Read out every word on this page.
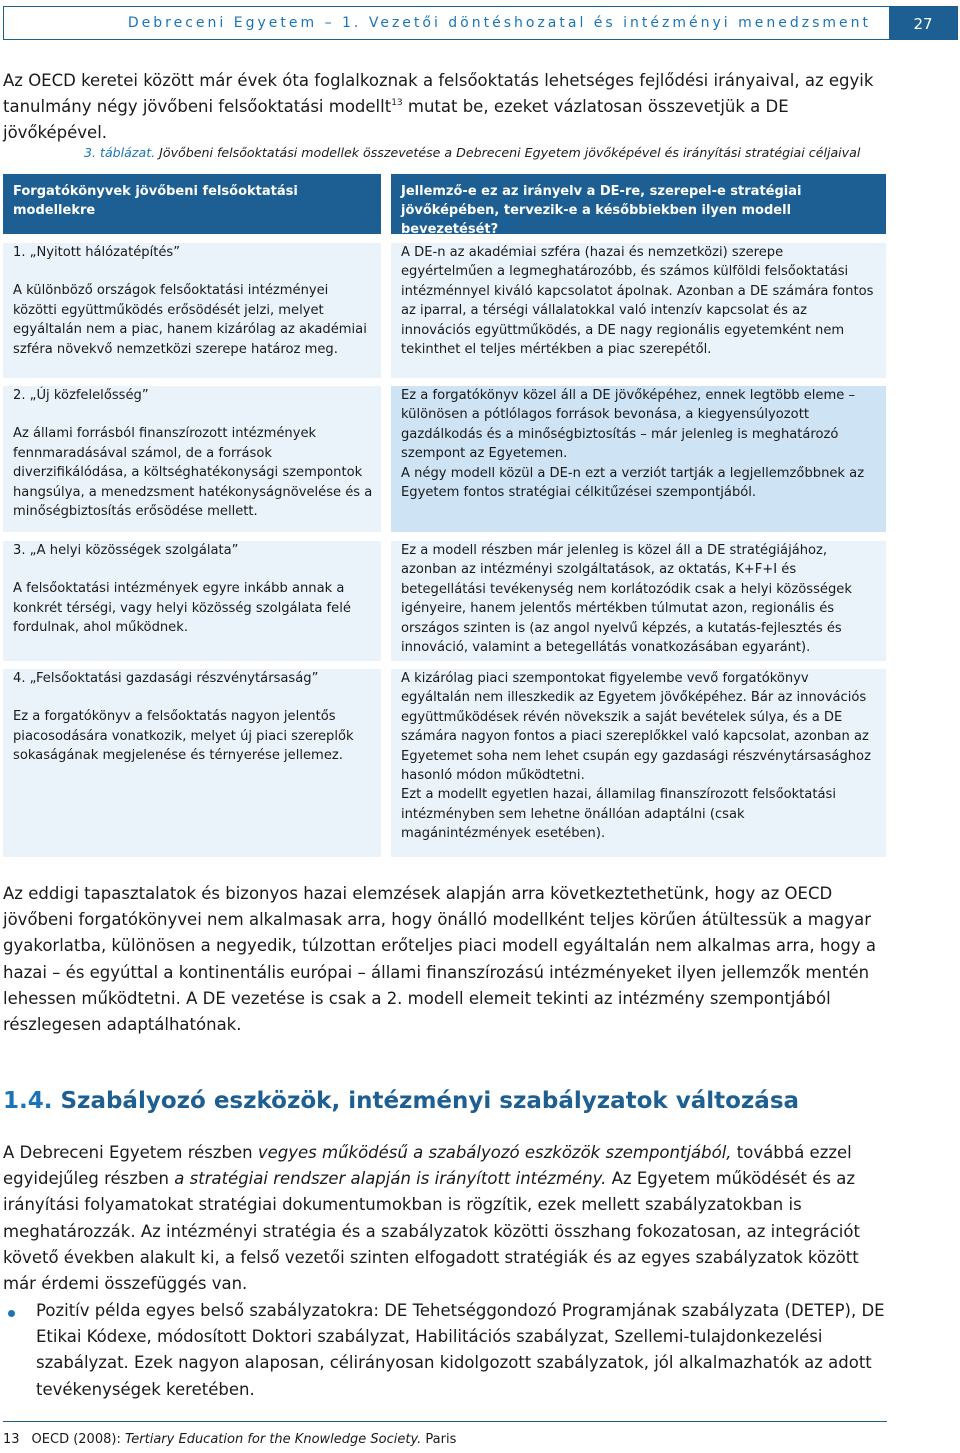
Debreceni Egyetem – 1. Vezetői döntéshozatal és intézményi menedzsment	27
Az OECD keretei között már évek óta foglalkoznak a felsőoktatás lehetséges fejlődési irányaival, az egyik tanulmány négy jövőbeni felsőoktatási modellt$^{13}$ mutat be, ezeket vázlatosan összevetjük a DE jövőképével.
3. táblázat. Jövőbeni felsőoktatási modellek összevetése a Debreceni Egyetem jövőképével és irányítási stratégiai céljaival
Forgatókönyvek jövőbeni felsőoktatási modellekre
Jellemző-e ez az irányelv a DE-re, szerepel-e stratégiai jövőképében, tervezik-e a későbbiekben ilyen modell bevezetését?
1. „Nyitott hálózatépítés”
A különböző országok felsőoktatási intézményei közötti együttműködés erősödését jelzi, melyet egyáltalán nem a piac, hanem kizárólag az akadémiai szféra növekvő nemzetközi szerepe határoz meg.
A DE-n az akadémiai szféra (hazai és nemzetközi) szerepe egyértelműen a legmeghatározóbb, és számos külföldi felsőoktatási intézménnyel kiváló kapcsolatot ápolnak. Azonban a DE számára fontos az iparral, a térségi vállalatokkal való intenzív kapcsolat és az innovációs együttműködés, a DE nagy regionális egyetemként nem tekinthet el teljes mértékben a piac szerepétől.
2. „Új közfelelősség”
Az állami forrásból finanszírozott intézmények fennmaradásával számol, de a források diverzifikálódása, a költséghatékonysági szempontok hangsúlya, a menedzsment hatékonyságnövelése és a minőségbiztosítás erősödése mellett.
Ez a forgatókönyv közel áll a DE jövőképéhez, ennek legtöbb eleme – különösen a pótlólagos források bevonása, a kiegyensúlyozott gazdálkodás és a minőségbiztosítás – már jelenleg is meghatározó szempont az Egyetemen.
A négy modell közül a DE-n ezt a verziót tartják a legjellemzőbbnek az Egyetem fontos stratégiai célkitűzései szempontjából.
3. „A helyi közösségek szolgálata”
A felsőoktatási intézmények egyre inkább annak a konkrét térségi, vagy helyi közösség szolgálata felé fordulnak, ahol működnek.
Ez a modell részben már jelenleg is közel áll a DE stratégiájához, azonban az intézményi szolgáltatások, az oktatás, K+F+I és betegellátási tevékenység nem korlátozódik csak a helyi közösségek igényeire, hanem jelentős mértékben túlmutat azon, regionális és országos szinten is (az angol nyelvű képzés, a kutatás-fejlesztés és innováció, valamint a betegellátás vonatkozásában egyaránt).
4. „Felsőoktatási gazdasági részvénytársaság”
Ez a forgatókönyv a felsőoktatás nagyon jelentős piacosodására vonatkozik, melyet új piaci szereplők sokaságának megjelenése és térnyerése jellemez.
A kizárólag piaci szempontokat figyelembe vevő forgatókönyv egyáltalán nem illeszkedik az Egyetem jövőképéhez. Bár az innovációs együttműködések révén növekszik a saját bevételek súlya, és a DE számára nagyon fontos a piaci szereplőkkel való kapcsolat, azonban az Egyetemet soha nem lehet csupán egy gazdasági részvénytársasághoz hasonló módon működtetni.
Ezt a modellt egyetlen hazai, államilag finanszírozott felsőoktatási intézményben sem lehetne önállóan adaptálni (csak magánintézmények esetében).
Az eddigi tapasztalatok és bizonyos hazai elemzések alapján arra következtethetünk, hogy az OECD jövőbeni forgatókönyvei nem alkalmasak arra, hogy önálló modellként teljes körűen átültessük a magyar gyakorlatba, különösen a negyedik, túlzottan erőteljes piaci modell egyáltalán nem alkalmas arra, hogy a hazai – és egyúttal a kontinentális európai – állami finanszírozású intézményeket ilyen jellemzők mentén lehessen működtetni. A DE vezetése is csak a 2. modell elemeit tekinti az intézmény szempontjából részlegesen adaptálhatónak.
1.4. Szabályozó eszközök, intézményi szabályzatok változása
A Debreceni Egyetem részben vegyes működésű a szabályozó eszközök szempontjából, továbbá ezzel egyidejűleg részben a stratégiai rendszer alapján is irányított intézmény. Az Egyetem működését és az irányítási folyamatokat stratégiai dokumentumokban is rögzítik, ezek mellett szabályzatokban is meghatározzák. Az intézményi stratégia és a szabályzatok közötti összhang fokozatosan, az integrációt követő években alakult ki, a felső vezetői szinten elfogadott stratégiák és az egyes szabályzatok között már érdemi összefüggés van.
Pozitív példa egyes belső szabályzatokra: DE Tehetséggondozó Programjának szabályzata (DETEP), DE Etikai Kódexe, módosított Doktori szabályzat, Habilitációs szabályzat, Szellemi-tulajdonkezelési szabályzat. Ezek nagyon alaposan, célirányosan kidolgozott szabályzatok, jól alkalmazhatók az adott tevékenységek keretében.
13 OECD (2008): Tertiary Education for the Knowledge Society. Paris
